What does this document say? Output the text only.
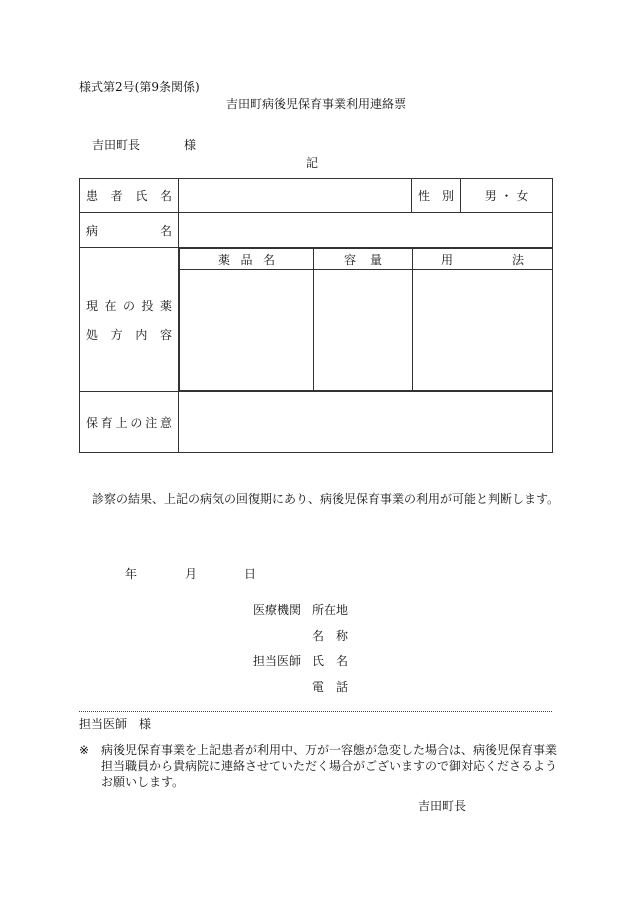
様式第2号(第9条関係)
吉田町病後児保育事業利用連絡票
吉田町長	様
記
患 者 氏 名		性 別	男 ・ 女

病	名

現 在 の 投 薬
処 方 内 容

薬 品 名	容 量	用	法

保 育 上 の 注 意

診察の結果、上記の病気の回復期にあり、病後児保育事業の利用が可能と判断します。
年	月	日
医療機関 所在地
名　称
担当医師 氏　名
電　話
担当医師　様
※ 病後児保育事業を上記患者が利用中、万が一容態が急変した場合は、病後児保育事業担当職員から貴病院に連絡させていただく場合がございますので御対応くださるようお願いします。
吉田町長
